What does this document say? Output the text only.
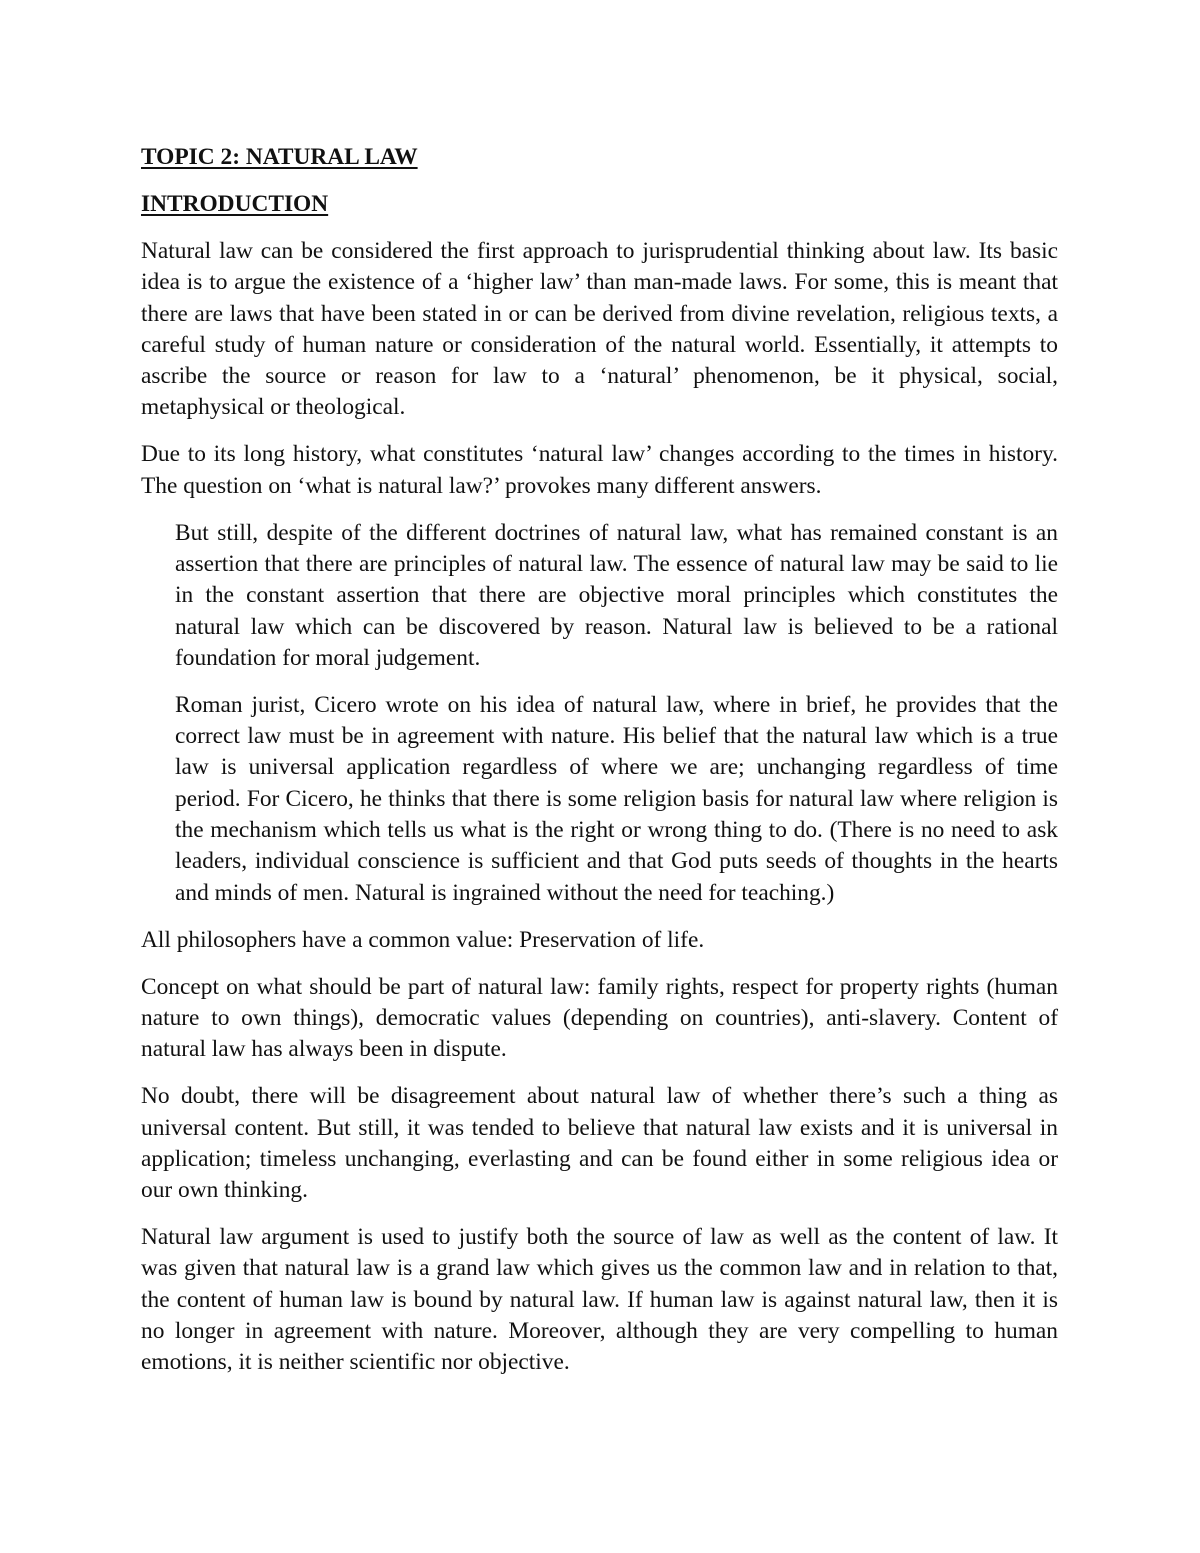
TOPIC 2: NATURAL LAW
INTRODUCTION
Natural law can be considered the first approach to jurisprudential thinking about law. Its basic
idea is to argue the existence of a ‘higher law’ than man-made laws. For some, this is meant that
there are laws that have been stated in or can be derived from divine revelation, religious texts, a
careful study of human nature or consideration of the natural world. Essentially, it attempts to
ascribe the source or reason for law to a ‘natural’ phenomenon, be it physical, social,
metaphysical or theological.
Due to its long history, what constitutes ‘natural law’ changes according to the times in history.
The question on ‘what is natural law?’ provokes many different answers.
But still, despite of the different doctrines of natural law, what has remained constant is an
assertion that there are principles of natural law. The essence of natural law may be said to lie
in the constant assertion that there are objective moral principles which constitutes the
natural law which can be discovered by reason. Natural law is believed to be a rational
foundation for moral judgement.
Roman jurist, Cicero wrote on his idea of natural law, where in brief, he provides that the
correct law must be in agreement with nature. His belief that the natural law which is a true
law is universal application regardless of where we are; unchanging regardless of time
period. For Cicero, he thinks that there is some religion basis for natural law where religion is
the mechanism which tells us what is the right or wrong thing to do. (There is no need to ask
leaders, individual conscience is sufficient and that God puts seeds of thoughts in the hearts
and minds of men. Natural is ingrained without the need for teaching.)
All philosophers have a common value: Preservation of life.
Concept on what should be part of natural law: family rights, respect for property rights (human
nature to own things), democratic values (depending on countries), anti-slavery. Content of
natural law has always been in dispute.
No doubt, there will be disagreement about natural law of whether there’s such a thing as
universal content. But still, it was tended to believe that natural law exists and it is universal in
application; timeless unchanging, everlasting and can be found either in some religious idea or
our own thinking.
Natural law argument is used to justify both the source of law as well as the content of law. It
was given that natural law is a grand law which gives us the common law and in relation to that,
the content of human law is bound by natural law. If human law is against natural law, then it is
no longer in agreement with nature. Moreover, although they are very compelling to human
emotions, it is neither scientific nor objective.
